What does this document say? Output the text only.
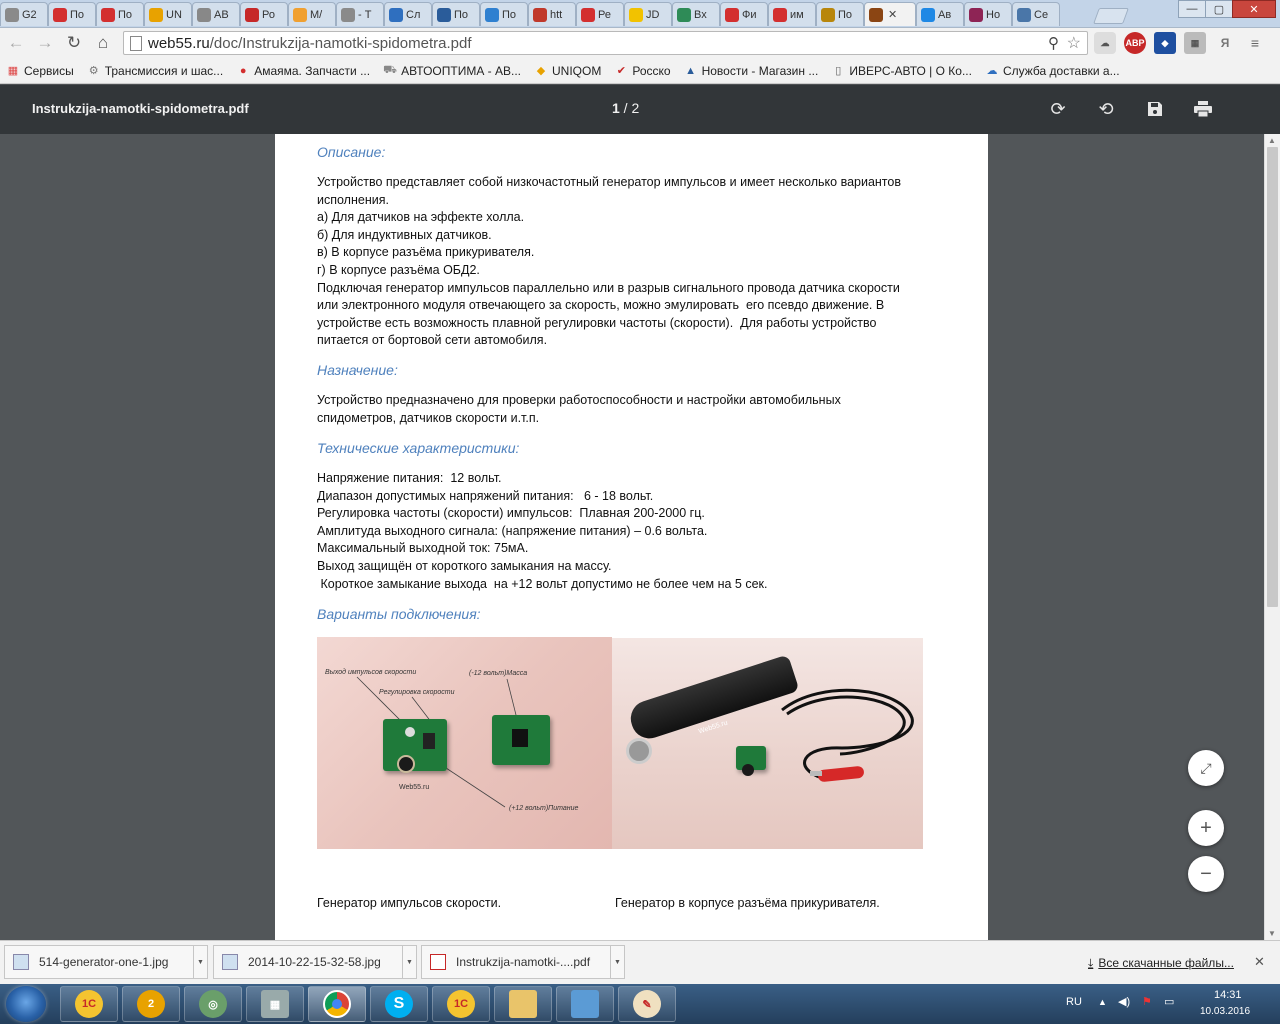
G2	По	По	UN	АВ	Ро	М/	- Т	Сл	По	По	htt	Ре	JD	Вх	Фи	им	По	✕	Ав	Но	Се	—	▢	✕
← → ↻ ⌂	web55.ru/doc/Instrukzija-namotki-spidometra.pdf	⚲ ☆	☁	ABP	◆	▦	Я	≡
▦ Сервисы ⚙ Трансмиссия и шас...	● Амаяма. Запчасти ... ⛟ АВТООПТИМА - АВ... ◆ UNIQOM ✔ Росско ▲ Новости - Магазин ...	▯ ИВЕРС-АВТО | О Ко... ☁ Служба доставки а...
Instrukzija-namotki-spidometra.pdf	1 / 2	⟳ ⟲
Описание:
Устройство представляет собой низкочастотный генератор импульсов и имеет несколько вариантов
исполнения.
а) Для датчиков на эффекте холла.
б) Для индуктивных датчиков.
в) В корпусе разъёма прикуривателя.
г) В корпусе разъёма ОБД2.
Подключая генератор импульсов параллельно или в разрыв сигнального провода датчика скорости
или электронного модуля отвечающего за скорость, можно эмулировать  его псевдо движение. В
устройстве есть возможность плавной регулировки частоты (скорости).  Для работы устройство
питается от бортовой сети автомобиля.
Назначение:
Устройство предназначено для проверки работоспособности и настройки автомобильных
спидометров, датчиков скорости и.т.п.
Технические характеристики:
Напряжение питания:  12 вольт.
Диапазон допустимых напряжений питания:   6 - 18 вольт.
Регулировка частоты (скорости) импульсов:  Плавная 200-2000 гц.
Амплитуда выходного сигнала: (напряжение питания) – 0.6 вольта.
Максимальный выходной ток: 75мА.
Выход защищён от короткого замыкания на массу.
Короткое замыкание выхода  на +12 вольт допустимо не более чем на 5 сек.
Варианты подключения:
Выход импульсов скорости	(-12 вольт)Масса
Регулировка скорости
Web55.ru
(+12 вольт)Питание
Web55.ru
Генератор импульсов скорости.	Генератор в корпусе разъёма прикуривателя.
⤢
+
−
▲
▼
514-generator-one-1.jpg	▼	2014-10-22-15-32-58.jpg	▼	Instrukzija-namotki-....pdf	▼	⤓ Все скачанные файлы... ✕
1С	2	◎	▦	S	1С	✎	RU ▲ ◀) ⚑ ▭
14:31
10.03.2016
